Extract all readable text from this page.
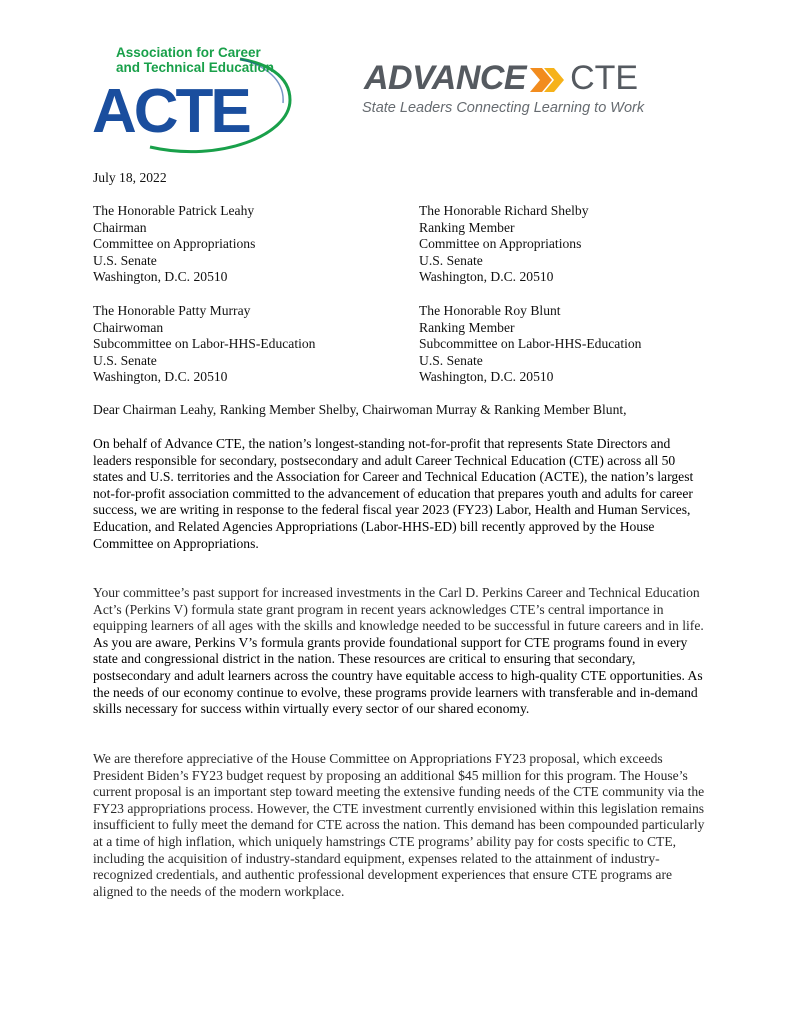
Association for Career
and Technical Education
ACTE	ADVANCE CTE
State Leaders Connecting Learning to Work
July 18, 2022
The Honorable Patrick Leahy
Chairman
Committee on Appropriations
U.S. Senate
Washington, D.C. 20510
The Honorable Richard Shelby
Ranking Member
Committee on Appropriations
U.S. Senate
Washington, D.C. 20510
The Honorable Patty Murray
Chairwoman
Subcommittee on Labor-HHS-Education
U.S. Senate
Washington, D.C. 20510
The Honorable Roy Blunt
Ranking Member
Subcommittee on Labor-HHS-Education
U.S. Senate
Washington, D.C. 20510
Dear Chairman Leahy, Ranking Member Shelby, Chairwoman Murray & Ranking Member Blunt,
On behalf of Advance CTE, the nation’s longest-standing not-for-profit that represents State Directors and leaders responsible for secondary, postsecondary and adult Career Technical Education (CTE) across all 50 states and U.S. territories and the Association for Career and Technical Education (ACTE), the nation’s largest not-for-profit association committed to the advancement of education that prepares youth and adults for career success, we are writing in response to the federal fiscal year 2023 (FY23) Labor, Health and Human Services, Education, and Related Agencies Appropriations (Labor-HHS-ED) bill recently approved by the House Committee on Appropriations.
Your committee’s past support for increased investments in the Carl D. Perkins Career and Technical Education Act’s (Perkins V) formula state grant program in recent years acknowledges CTE’s central importance in equipping learners of all ages with the skills and knowledge needed to be successful in future careers and in life. As you are aware, Perkins V’s formula grants provide foundational support for CTE programs found in every state and congressional district in the nation. These resources are critical to ensuring that secondary, postsecondary and adult learners across the country have equitable access to high-quality CTE opportunities. As the needs of our economy continue to evolve, these programs provide learners with transferable and in-demand skills necessary for success within virtually every sector of our shared economy.
We are therefore appreciative of the House Committee on Appropriations FY23 proposal, which exceeds President Biden’s FY23 budget request by proposing an additional $45 million for this program. The House’s current proposal is an important step toward meeting the extensive funding needs of the CTE community via the FY23 appropriations process. However, the CTE investment currently envisioned within this legislation remains insufficient to fully meet the demand for CTE across the nation. This demand has been compounded particularly at a time of high inflation, which uniquely hamstrings CTE programs’ ability pay for costs specific to CTE, including the acquisition of industry-standard equipment, expenses related to the attainment of industry-recognized credentials, and authentic professional development experiences that ensure CTE programs are aligned to the needs of the modern workplace.
